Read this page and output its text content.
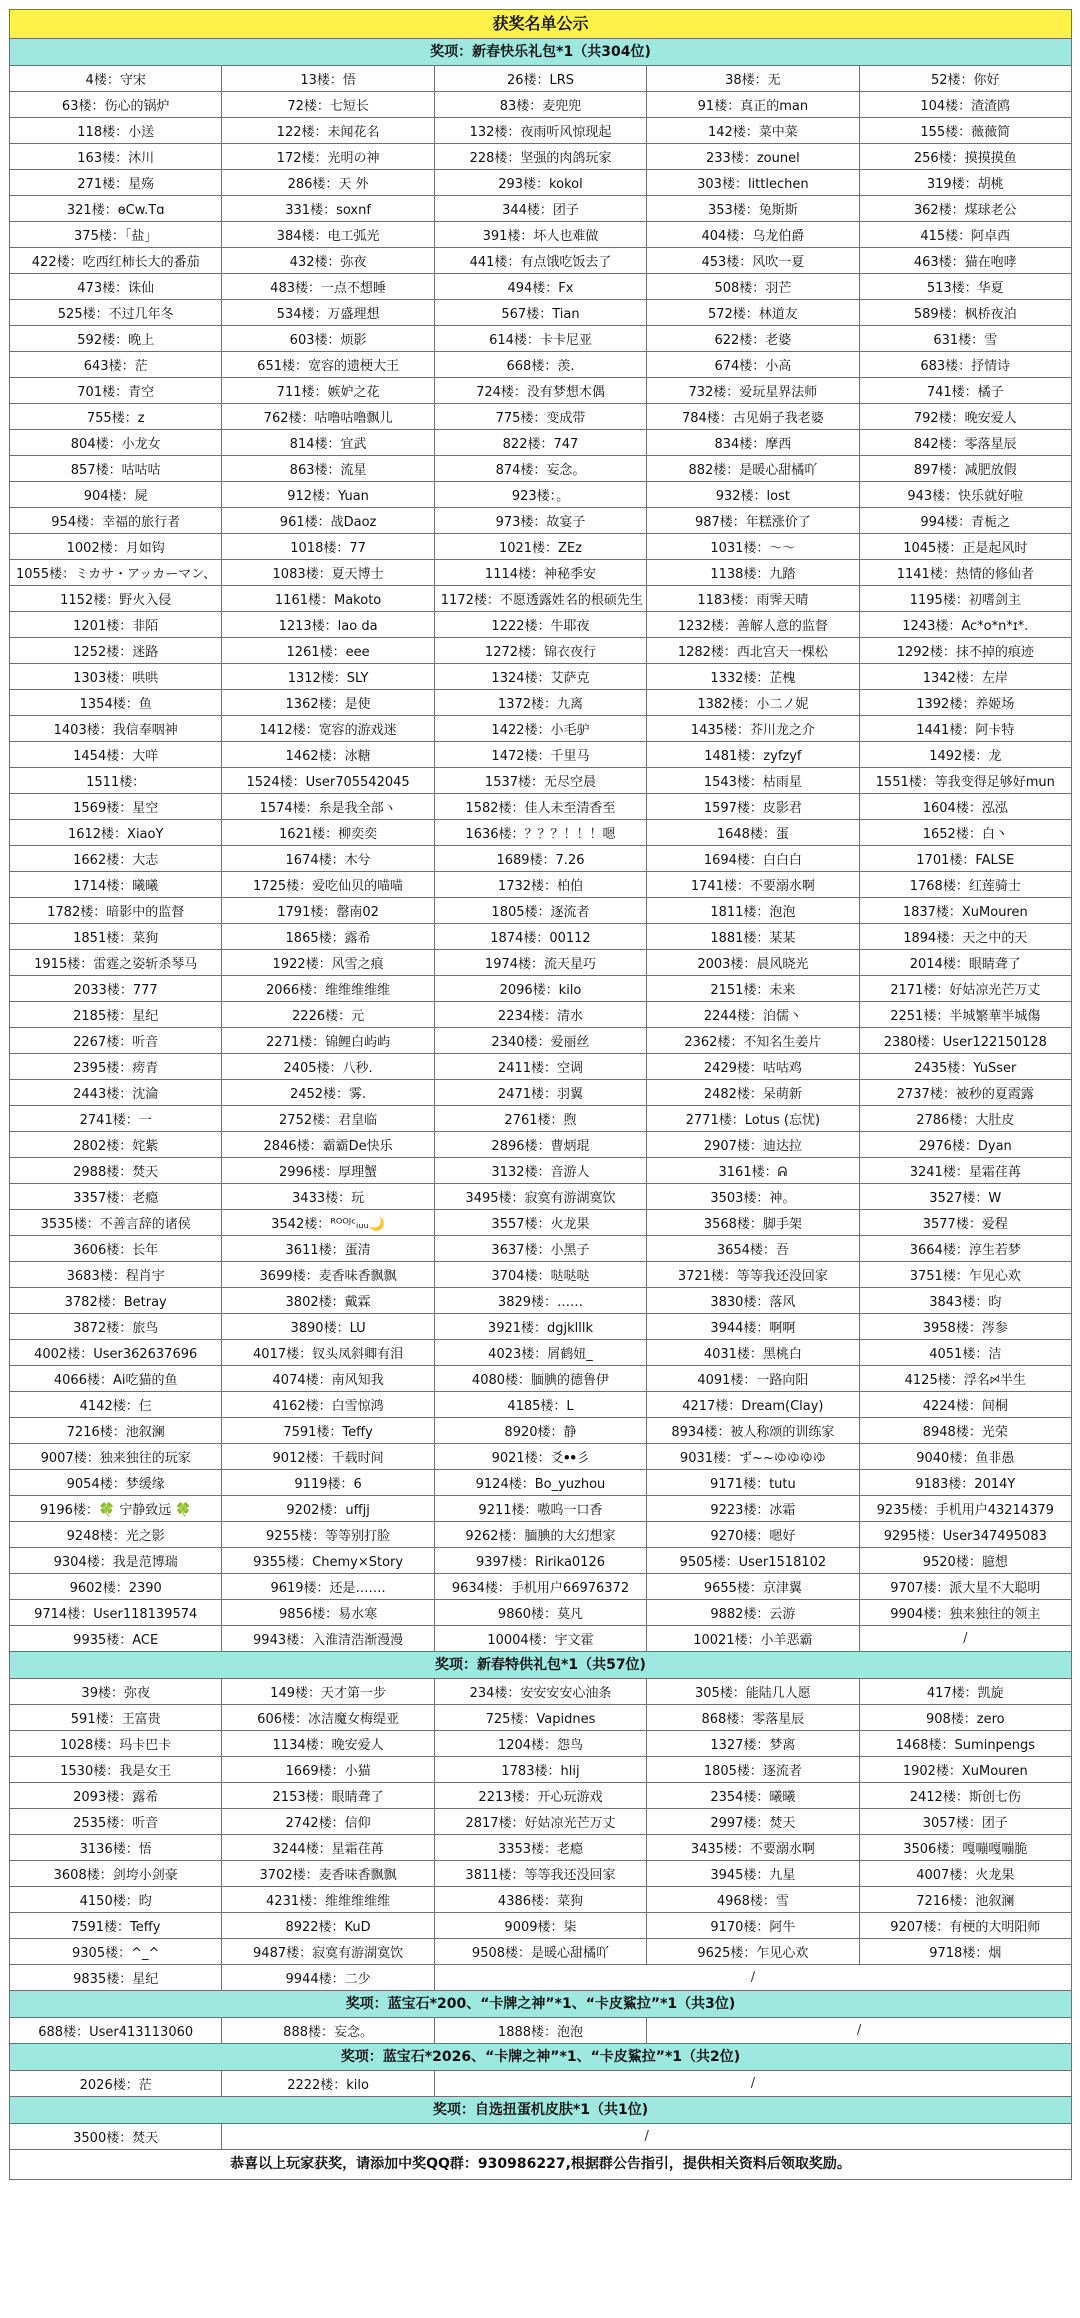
获奖名单公示
奖项：新春快乐礼包*1（共304位)
4楼：守宋	13楼：悟	26楼：LRS	38楼：无	52楼：你好
63楼：伤心的锅炉	72楼：七短长	83楼：麦兜兜	91楼：真正的man	104楼：渣渣鸥
118楼：小送	122楼：未闻花名	132楼：夜雨听风惊现起	142楼：菜中菜	155楼：薇薇简
163楼：沐川	172楼：光明の神	228楼：坚强的肉鸽玩家	233楼：zounel	256楼：摸摸摸鱼
271楼：星殇	286楼：天 外	293楼：kokol	303楼：littlechen	319楼：胡桃
321楼：ѳCw.Tɑ	331楼：soxnf	344楼：团子	353楼：兔斯斯	362楼：煤球老公
375楼：「盐」	384楼：电工弧光	391楼：坏人也难做	404楼：乌龙伯爵	415楼：阿卓西
422楼：吃西红柿长大的番茄	432楼：弥夜	441楼：有点饿吃饭去了	453楼：风吹一夏	463楼：猫在咆哮
473楼：诛仙	483楼：一点不想睡	494楼：Fx	508楼：羽芒	513楼：华夏
525楼：不过几年冬	534楼：万盛理想	567楼：Tian	572楼：林道友	589楼：枫桥夜泊
592楼：晚上	603楼：烦影	614楼：卡卡尼亚	622楼：老婆	631楼：雪
643楼：茫	651楼：宽容的遗梗大王	668楼：羡.	674楼：小高	683楼：抒情诗
701楼：青空	711楼：嫉妒之花	724楼：没有梦想木偶	732楼：爱玩星界法师	741楼：橘子
755楼：z	762楼：咕噜咕噜飘儿	775楼：变成带	784楼：古见娟子我老婆	792楼：晚安爱人
804楼：小龙女	814楼：宜武	822楼：747	834楼：摩西	842楼：零落星辰
857楼：咕咕咕	863楼：流星	874楼：妄念。	882楼：是暖心甜橘吖	897楼：减肥放假
904楼：屍	912楼：Yuan	923楼：。	932楼：lost	943楼：快乐就好啦
954楼：幸福的旅行者	961楼：战Daoz	973楼：故宴子	987楼：年糕涨价了	994楼：青栀之
1002楼：月如钩	1018楼：77	1021楼：ZEz	1031楼：～～	1045楼：正是起风时
1055楼：ミカサ・アッカーマン、	1083楼：夏天博士	1114楼：神秘季安	1138楼：九踏	1141楼：热情的修仙者
1152楼：野火入侵	1161楼：Makoto	1172楼：不愿透露姓名的根硕先生	1183楼：雨霁天晴	1195楼：初嗜剑主
1201楼：非陌	1213楼：lao da	1222楼：牛耶夜	1232楼：善解人意的监督	1243楼：Ac*o*n*ɪ*.
1252楼：迷路	1261楼：eee	1272楼：锦衣夜行	1282楼：西北宫天一棵松	1292楼：抹不掉的痕迹
1303楼：哄哄	1312楼：SLY	1324楼：艾萨克	1332楼：芷槐	1342楼：左岸
1354楼：鱼	1362楼：是使	1372楼：九离	1382楼：小二ノ妮	1392楼：养姬场
1403楼：我信奉咽神	1412楼：宽容的游戏迷	1422楼：小毛驴	1435楼：芥川龙之介	1441楼：阿卡特
1454楼：大咩	1462楼：冰糖	1472楼：千里马	1481楼：zyfzyf	1492楼：龙
1511楼：	1524楼：User705542045	1537楼：无尽空晨	1543楼：枯雨星	1551楼：等我变得足够好mun
1569楼：星空	1574楼：糸是我全部ヽ	1582楼：佳人未至清香至	1597楼：皮影君	1604楼：泓泓
1612楼：XiaoY	1621楼：柳奕奕	1636楼：？？？！！！嗯	1648楼：蛋	1652楼：白丶
1662楼：大志	1674楼：木兮	1689楼：7.26	1694楼：白白白	1701楼：FALSE
1714楼：曦曦	1725楼：爱吃仙贝的喵喵	1732楼：柏伯	1741楼：不要溺水啊	1768楼：红莲骑士
1782楼：暗影中的监督	1791楼：罄南02	1805楼：逐流者	1811楼：泡泡	1837楼：XuMouren
1851楼：菜狗	1865楼：露希	1874楼：00112	1881楼：某某	1894楼：天之中的天
1915楼：雷霆之姿斩杀琴马	1922楼：风雪之痕	1974楼：流天星巧	2003楼：晨风晓光	2014楼：眼睛聋了
2033楼：777	2066楼：维维维维维	2096楼：kilo	2151楼：未来	2171楼：好姑凉光芒万丈
2185楼：星纪	2226楼：元	2234楼：清水	2244楼：泊儒丶	2251楼：半城繁華半城傷
2267楼：听音	2271楼：锦鲤白屿屿	2340楼：爱丽丝	2362楼：不知名生姜片	2380楼：User122150128
2395楼：痨青	2405楼：八秒.	2411楼：空调	2429楼：咕咕鸡	2435楼：YuSser
2443楼：沈淪	2452楼：雾.	2471楼：羽翼	2482楼：呆萌新	2737楼：被秒的夏霞露
2741楼：一	2752楼：君皇临	2761楼：煦	2771楼：Lotus (忘忧)	2786楼：大肚皮
2802楼：姹紫	2846楼：霸霸De快乐	2896楼：曹炳琨	2907楼：迪达拉	2976楼：Dyan
2988楼：焚天	2996楼：厚理蟹	3132楼：音游人	3161楼：ᕱ	3241楼：星霜荏苒
3357楼：老瘾	3433楼：玩	3495楼：寂寞有游湖寞饮	3503楼：神。	3527楼：W
3535楼：不善言辞的诸侯	3542楼：ᴿᴼᴼᴶᶜᵢᵤᵤ🌙	3557楼：火龙果	3568楼：脚手架	3577楼：爱程
3606楼：长年	3611楼：蛋清	3637楼：小黑子	3654楼：吾	3664楼：淳生若梦
3683楼：程肖宇	3699楼：麦香味香飘飘	3704楼：哒哒哒	3721楼：等等我还没回家	3751楼：乍见心欢
3782楼：Betray	3802楼：戴霖	3829楼：……	3830楼：落风	3843楼：昀
3872楼：旅鸟	3890楼：LU	3921楼：dgjklllk	3944楼：啊啊	3958楼：涔参
4002楼：User362637696	4017楼：钗头凤斜卿有泪	4023楼：屑鹤妞_	4031楼：黑桃白	4051楼：洁
4066楼：Ai吃猫的鱼	4074楼：南风知我	4080楼：腼腆的德鲁伊	4091楼：一路向阳	4125楼：浮名ꗯ半生
4142楼：仨	4162楼：白雪惊鸿	4185楼：L	4217楼：Dream(Clay)	4224楼：间桐
7216楼：池叙澜	7591楼：Teffy	8920楼：静	8934楼：被人称颂的训练家	8948楼：光荣
9007楼：独来独往的玩家	9012楼：千载时间	9021楼：爻ꔷꔷ彡	9031楼：ず~~ゆゆゆゆ	9040楼：鱼非愚
9054楼：梦缓缘	9119楼：6	9124楼：Bo_yuzhou	9171楼：tutu	9183楼：2014Y
9196楼：🍀 宁静致远 🍀	9202楼：uffjj	9211楼：嗷呜一口香	9223楼：冰霜	9235楼：手机用户43214379
9248楼：光之影	9255楼：等等别打脸	9262楼：腼腆的大幻想家	9270楼：嗯好	9295楼：User347495083
9304楼：我是范博瑞	9355楼：Chemy×Story	9397楼：Ririka0126	9505楼：User1518102	9520楼：臆想
9602楼：2390	9619楼：还是…….	9634楼：手机用户66976372	9655楼：京津翼	9707楼：派大星不大聪明
9714楼：User118139574	9856楼：易水寒	9860楼：莫凡	9882楼：云游	9904楼：独来独往的领主
9935楼：ACE	9943楼：入淮清浩渐漫漫	10004楼：宇文霍	10021楼：小羊恶霸	/
奖项：新春特供礼包*1（共57位)
39楼：弥夜	149楼：天才第一步	234楼：安安安安心油条	305楼：能陆几人愿	417楼：凯旋
591楼：王富贵	606楼：冰洁魔女梅缇亚	725楼：Vapidnes	868楼：零落星辰	908楼：zero
1028楼：玛卡巴卡	1134楼：晚安爱人	1204楼：怨鸟	1327楼：梦离	1468楼：Suminpengs
1530楼：我是女王	1669楼：小猫	1783楼：hlij	1805楼：逐流者	1902楼：XuMouren
2093楼：露希	2153楼：眼睛聋了	2213楼：开心玩游戏	2354楼：曦曦	2412楼：斯创七伤
2535楼：听音	2742楼：信仰	2817楼：好姑凉光芒万丈	2997楼：焚天	3057楼：团子
3136楼：悟	3244楼：星霜荏苒	3353楼：老瘾	3435楼：不要溺水啊	3506楼：嘎嘣嘎嘣脆
3608楼：剑垮小剑豪	3702楼：麦香味香飘飘	3811楼：等等我还没回家	3945楼：九星	4007楼：火龙果
4150楼：昀	4231楼：维维维维维	4386楼：菜狗	4968楼：雪	7216楼：池叙澜
7591楼：Teffy	8922楼：KuD	9009楼：柒	9170楼：阿牛	9207楼：有梗的大明阳师
9305楼：^_^	9487楼：寂寞有游湖寞饮	9508楼：是暖心甜橘吖	9625楼：乍见心欢	9718楼：烟
9835楼：星纪	9944楼：二少	/		
奖项：蓝宝石*200、“卡牌之神”*1、“卡皮鯊拉”*1（共3位)
688楼：User413113060	888楼：妄念。	1888楼：泡泡	/
奖项：蓝宝石*2026、“卡牌之神”*1、“卡皮鯊拉”*1（共2位)
2026楼：茫	2222楼：kilo	/
奖项：自选扭蛋机皮肤*1（共1位)
3500楼：焚天	/
恭喜以上玩家获奖，请添加中奖QQ群：930986227,根据群公告指引，提供相关资料后领取奖励。
